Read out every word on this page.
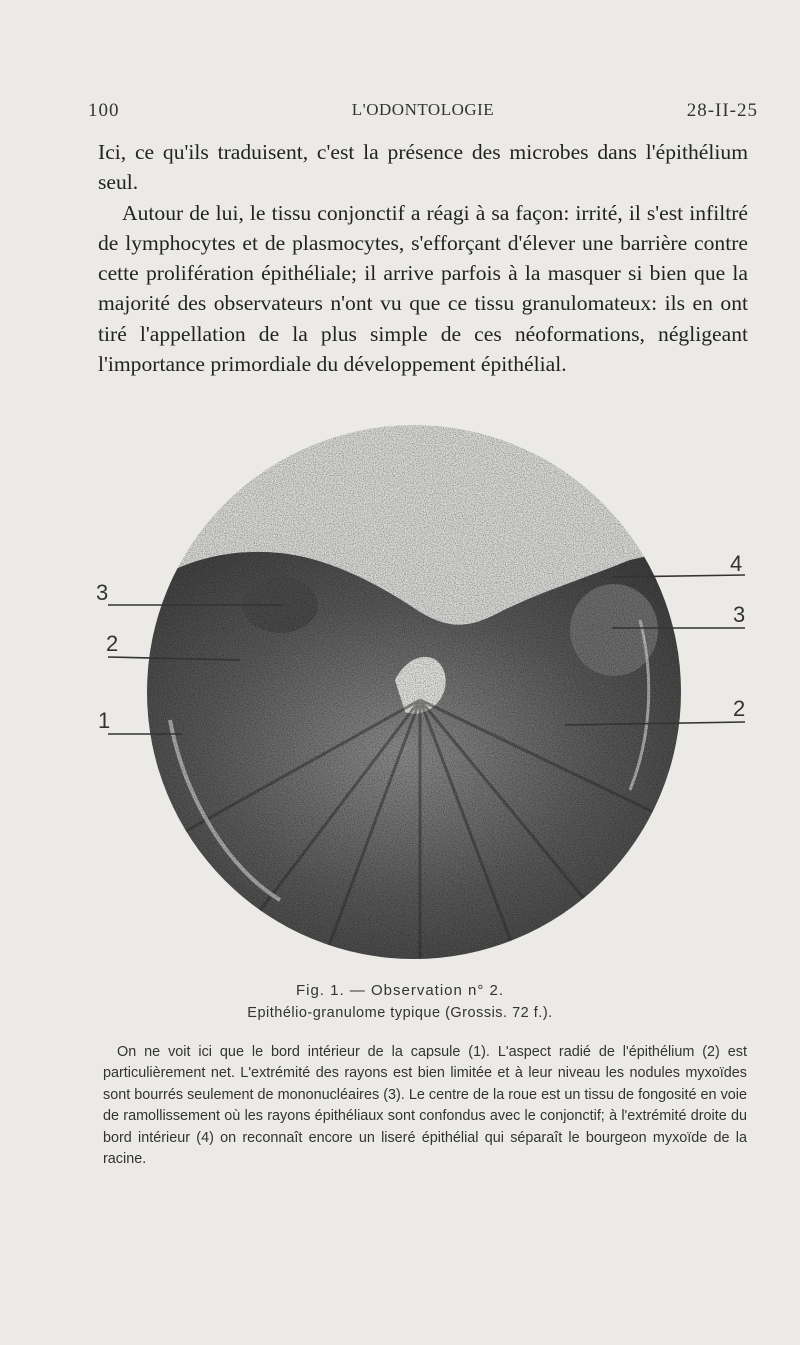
100	L'ODONTOLOGIE	28-II-25

Ici, ce qu'ils traduisent, c'est la présence des microbes dans l'épithélium seul.

Autour de lui, le tissu conjonctif a réagi à sa façon: irrité, il s'est infiltré de lymphocytes et de plasmocytes, s'efforçant d'élever une barrière contre cette prolifération épithéliale; il arrive parfois à la masquer si bien que la majorité des observateurs n'ont vu que ce tissu granulomateux: ils en ont tiré l'appellation de la plus simple de ces néoformations, négligeant l'importance primordiale du développement épithélial.

3
2
1
4
3
2
Fig. 1. — Observation n° 2.
Epithélio-granulome typique (Grossis. 72 f.).

On ne voit ici que le bord intérieur de la capsule (1). L'aspect radié de l'épithélium (2) est particulièrement net. L'extrémité des rayons est bien limitée et à leur niveau les nodules myxoïdes sont bourrés seulement de mononucléaires (3). Le centre de la roue est un tissu de fongosité en voie de ramollissement où les rayons épithéliaux sont confondus avec le conjonctif; à l'extrémité droite du bord intérieur (4) on reconnaît encore un liseré épithélial qui séparaît le bourgeon myxoïde de la racine.
